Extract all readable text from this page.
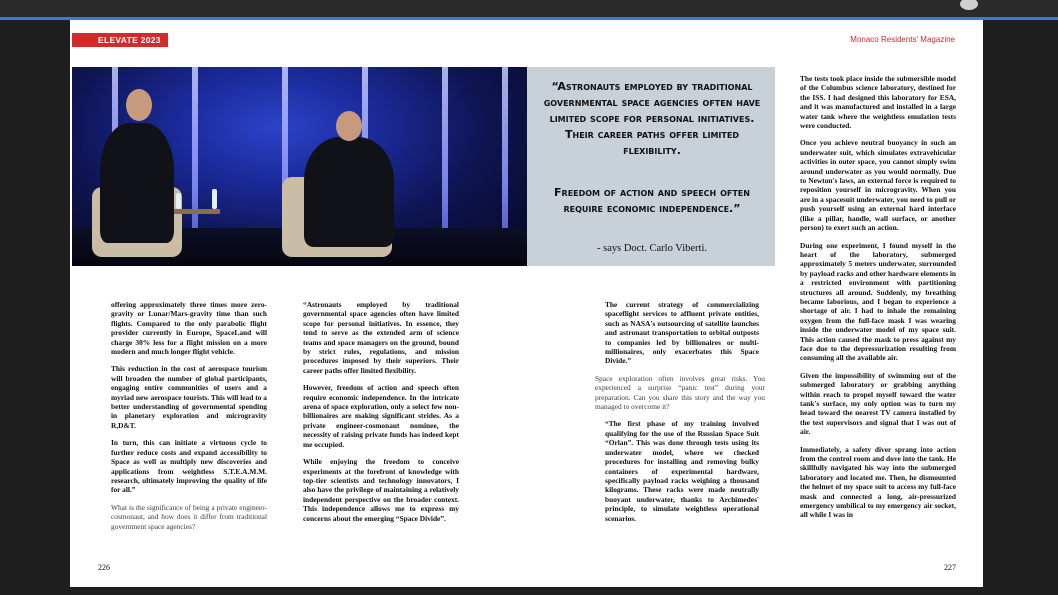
ELEVATE 2023	Monaco Residents' Magazine
“Astronauts employed by traditional governmental space agencies often have limited scope for personal initiatives. Their career paths offer limited flexibility.
Freedom of action and speech often require economic independence.”
- says Doct. Carlo Viberti.

offering approximately three times more zero-gravity or Lunar/Mars-gravity time than such flights. Compared to the only parabolic flight provider currently in Europe, SpaceLand will charge 30% less for a flight mission on a more modern and much longer flight vehicle.

This reduction in the cost of aerospace tourism will broaden the number of global participants, engaging entire communities of users and a myriad new aerospace tourists. This will lead to a better understanding of governmental spending in planetary exploration and microgravity R,D&T.

In turn, this can initiate a virtuous cycle to further reduce costs and expand accessibility to Space as well as multiply new discoveries and applications from weightless S.T.E.A.M.M. research, ultimately improving the quality of life for all.”

What is the significance of being a private engineer-cosmonaut, and how does it differ from traditional government space agencies?

“Astronauts employed by traditional governmental space agencies often have limited scope for personal initiatives. In essence, they tend to serve as the extended arm of science teams and space managers on the ground, bound by strict rules, regulations, and mission procedures imposed by their superiors. Their career paths offer limited flexibility.

However, freedom of action and speech often require economic independence. In the intricate arena of space exploration, only a select few non-billionaires are making significant strides. As a private engineer-cosmonaut nominee, the necessity of raising private funds has indeed kept me occupied.

While enjoying the freedom to conceive experiments at the forefront of knowledge with top-tier scientists and technology innovators, I also have the privilege of maintaining a relatively independent perspective on the broader context. This independence allows me to express my concerns about the emerging “Space Divide”.

The current strategy of commercializing spaceflight services to affluent private entities, such as NASA's outsourcing of satellite launches and astronaut transportation to orbital outposts to companies led by billionaires or multi-millionaires, only exacerbates this Space Divide.”

Space exploration often involves great risks. You experienced a surprise “panic test” during your preparation. Can you share this story and the way you managed to overcome it?

“The first phase of my training involved qualifying for the use of the Russian Space Suit “Orlan”. This was done through tests using its underwater model, where we checked procedures for installing and removing bulky containers of experimental hardware, specifically payload racks weighing a thousand kilograms. These racks were made neutrally buoyant underwater, thanks to Archimedes' principle, to simulate weightless operational scenarios.

The tests took place inside the submersible model of the Columbus science laboratory, destined for the ISS. I had designed this laboratory for ESA, and it was manufactured and installed in a large water tank where the weightless emulation tests were conducted.

Once you achieve neutral buoyancy in such an underwater suit, which simulates extravehicular activities in outer space, you cannot simply swim around underwater as you would normally. Due to Newton's laws, an external force is required to reposition yourself in microgravity. When you are in a spacesuit underwater, you need to pull or push yourself using an external hard interface (like a pillar, handle, wall surface, or another person) to exert such an action.

During one experiment, I found myself in the heart of the laboratory, submerged approximately 5 meters underwater, surrounded by payload racks and other hardware elements in a restricted environment with partitioning structures all around. Suddenly, my breathing became laborious, and I began to experience a shortage of air. I had to inhale the remaining oxygen from the full-face mask I was wearing inside the underwater model of my space suit. This action caused the mask to press against my face due to the depressurization resulting from consuming all the available air.

Given the impossibility of swimming out of the submerged laboratory or grabbing anything within reach to propel myself toward the water tank's surface, my only option was to turn my head toward the nearest TV camera installed by the test supervisors and signal that I was out of air.

Immediately, a safety diver sprang into action from the control room and dove into the tank. He skillfully navigated his way into the submerged laboratory and located me. Then, he dismounted the helmet of my space suit to access my full-face mask and connected a long, air-pressurized emergency umbilical to my emergency air socket, all while I was in

226	227
